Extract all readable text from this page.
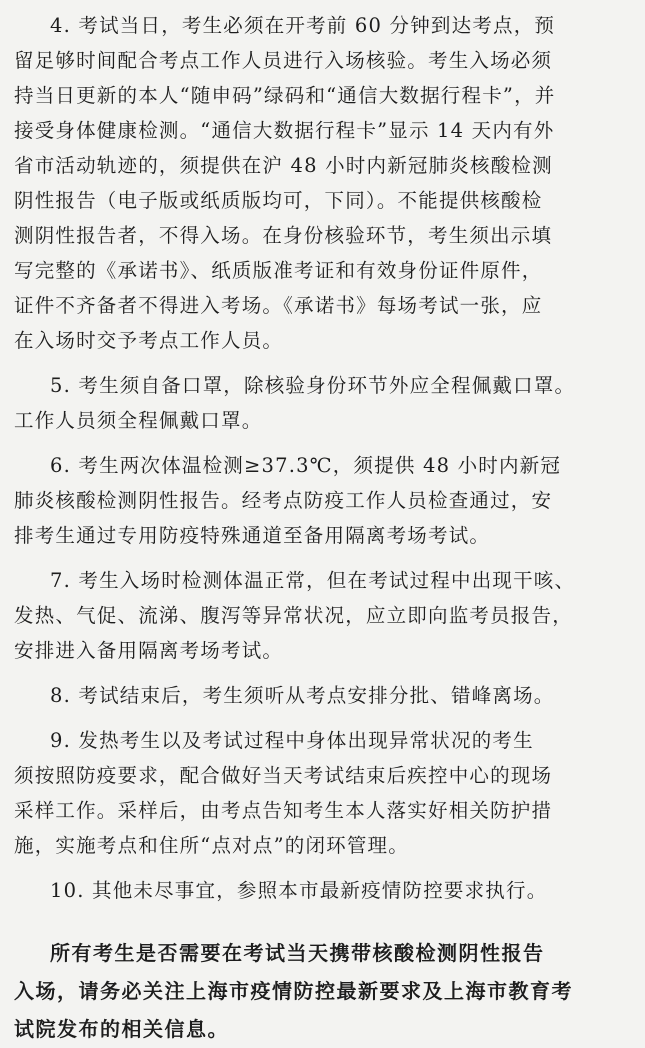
4. 考试当日，考生必须在开考前 60 分钟到达考点，预
留足够时间配合考点工作人员进行入场核验。考生入场必须
持当日更新的本人“随申码”绿码和“通信大数据行程卡”，并
接受身体健康检测。“通信大数据行程卡”显示 14 天内有外
省市活动轨迹的，须提供在沪 48 小时内新冠肺炎核酸检测
阴性报告（电子版或纸质版均可，下同）。不能提供核酸检
测阴性报告者，不得入场。在身份核验环节，考生须出示填
写完整的《承诺书》、纸质版准考证和有效身份证件原件，
证件不齐备者不得进入考场。《承诺书》每场考试一张，应
在入场时交予考点工作人员。
5. 考生须自备口罩，除核验身份环节外应全程佩戴口罩。
工作人员须全程佩戴口罩。
6. 考生两次体温检测≥37.3℃，须提供 48 小时内新冠
肺炎核酸检测阴性报告。经考点防疫工作人员检查通过，安
排考生通过专用防疫特殊通道至备用隔离考场考试。
7. 考生入场时检测体温正常，但在考试过程中出现干咳、
发热、气促、流涕、腹泻等异常状况，应立即向监考员报告，
安排进入备用隔离考场考试。
8. 考试结束后，考生须听从考点安排分批、错峰离场。
9. 发热考生以及考试过程中身体出现异常状况的考生
须按照防疫要求，配合做好当天考试结束后疾控中心的现场
采样工作。采样后，由考点告知考生本人落实好相关防护措
施，实施考点和住所“点对点”的闭环管理。
10. 其他未尽事宜，参照本市最新疫情防控要求执行。
所有考生是否需要在考试当天携带核酸检测阴性报告
入场，请务必关注上海市疫情防控最新要求及上海市教育考
试院发布的相关信息。
